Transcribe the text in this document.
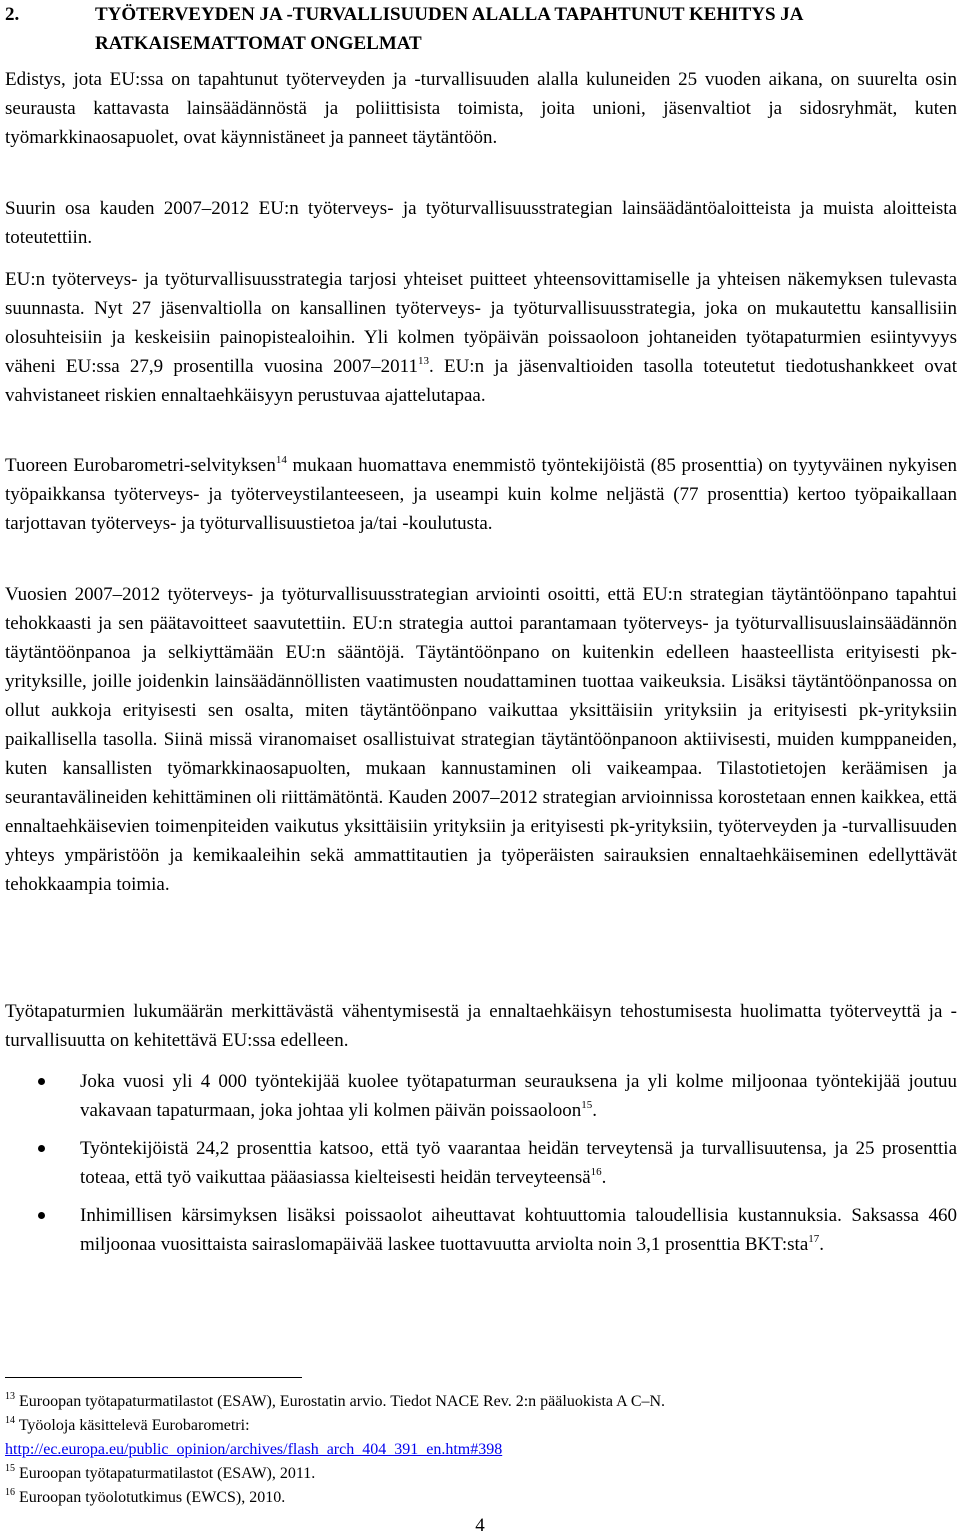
2.	TYÖTERVEYDEN JA -TURVALLISUUDEN ALALLA TAPAHTUNUT KEHITYS JA RATKAISEMATTOMAT ONGELMAT

Edistys, jota EU:ssa on tapahtunut työterveyden ja -turvallisuuden alalla kuluneiden 25 vuoden aikana, on suurelta osin seurausta kattavasta lainsäädännöstä ja poliittisista toimista, joita unioni, jäsenvaltiot ja sidosryhmät, kuten työmarkkinaosapuolet, ovat käynnistäneet ja panneet täytäntöön.

Suurin osa kauden 2007–2012 EU:n työterveys- ja työturvallisuusstrategian lainsäädäntöaloitteista ja muista aloitteista toteutettiin.

EU:n työterveys- ja työturvallisuusstrategia tarjosi yhteiset puitteet yhteensovittamiselle ja yhteisen näkemyksen tulevasta suunnasta. Nyt 27 jäsenvaltiolla on kansallinen työterveys- ja työturvallisuusstrategia, joka on mukautettu kansallisiin olosuhteisiin ja keskeisiin painopistealoihin. Yli kolmen työpäivän poissaoloon johtaneiden työtapaturmien esiintyvyys väheni EU:ssa 27,9 prosentilla vuosina 2007–2011$^{13}$. EU:n ja jäsenvaltioiden tasolla toteutetut tiedotushankkeet ovat vahvistaneet riskien ennaltaehkäisyyn perustuvaa ajattelutapaa.

Tuoreen Eurobarometri-selvityksen$^{14}$ mukaan huomattava enemmistö työntekijöistä (85 prosenttia) on tyytyväinen nykyisen työpaikkansa työterveys- ja työterveystilanteeseen, ja useampi kuin kolme neljästä (77 prosenttia) kertoo työpaikallaan tarjottavan työterveys- ja työturvallisuustietoa ja/tai -koulutusta.

Vuosien 2007–2012 työterveys- ja työturvallisuusstrategian arviointi osoitti, että EU:n strategian täytäntöönpano tapahtui tehokkaasti ja sen päätavoitteet saavutettiin. EU:n strategia auttoi parantamaan työterveys- ja työturvallisuuslainsäädännön täytäntöönpanoa ja selkiyttämään EU:n sääntöjä. Täytäntöönpano on kuitenkin edelleen haasteellista erityisesti pk-yrityksille, joille joidenkin lainsäädännöllisten vaatimusten noudattaminen tuottaa vaikeuksia. Lisäksi täytäntöönpanossa on ollut aukkoja erityisesti sen osalta, miten täytäntöönpano vaikuttaa yksittäisiin yrityksiin ja erityisesti pk-yrityksiin paikallisella tasolla. Siinä missä viranomaiset osallistuivat strategian täytäntöönpanoon aktiivisesti, muiden kumppaneiden, kuten kansallisten työmarkkinaosapuolten, mukaan kannustaminen oli vaikeampaa. Tilastotietojen keräämisen ja seurantavälineiden kehittäminen oli riittämätöntä. Kauden 2007–2012 strategian arvioinnissa korostetaan ennen kaikkea, että ennaltaehkäisevien toimenpiteiden vaikutus yksittäisiin yrityksiin ja erityisesti pk-yrityksiin, työterveyden ja -turvallisuuden yhteys ympäristöön ja kemikaaleihin sekä ammattitautien ja työperäisten sairauksien ennaltaehkäiseminen edellyttävät tehokkaampia toimia.

Työtapaturmien lukumäärän merkittävästä vähentymisestä ja ennaltaehkäisyn tehostumisesta huolimatta työterveyttä ja -turvallisuutta on kehitettävä EU:ssa edelleen.

Joka vuosi yli 4 000 työntekijää kuolee työtapaturman seurauksena ja yli kolme miljoonaa työntekijää joutuu vakavaan tapaturmaan, joka johtaa yli kolmen päivän poissaoloon$^{15}$.
Työntekijöistä 24,2 prosenttia katsoo, että työ vaarantaa heidän terveytensä ja turvallisuutensa, ja 25 prosenttia toteaa, että työ vaikuttaa pääasiassa kielteisesti heidän terveyteensä$^{16}$.
Inhimillisen kärsimyksen lisäksi poissaolot aiheuttavat kohtuuttomia taloudellisia kustannuksia. Saksassa 460 miljoonaa vuosittaista sairaslomapäivää laskee tuottavuutta arviolta noin 3,1 prosenttia BKT:sta$^{17}$.

$^{13}$ Euroopan työtapaturmatilastot (ESAW), Eurostatin arvio. Tiedot NACE Rev. 2:n pääluokista A C–N.

$^{14}$ Työoloja käsittelevä Eurobarometri:
http://ec.europa.eu/public_opinion/archives/flash_arch_404_391_en.htm#398

$^{15}$ Euroopan työtapaturmatilastot (ESAW), 2011.

$^{16}$ Euroopan työolotutkimus (EWCS), 2010.

4
